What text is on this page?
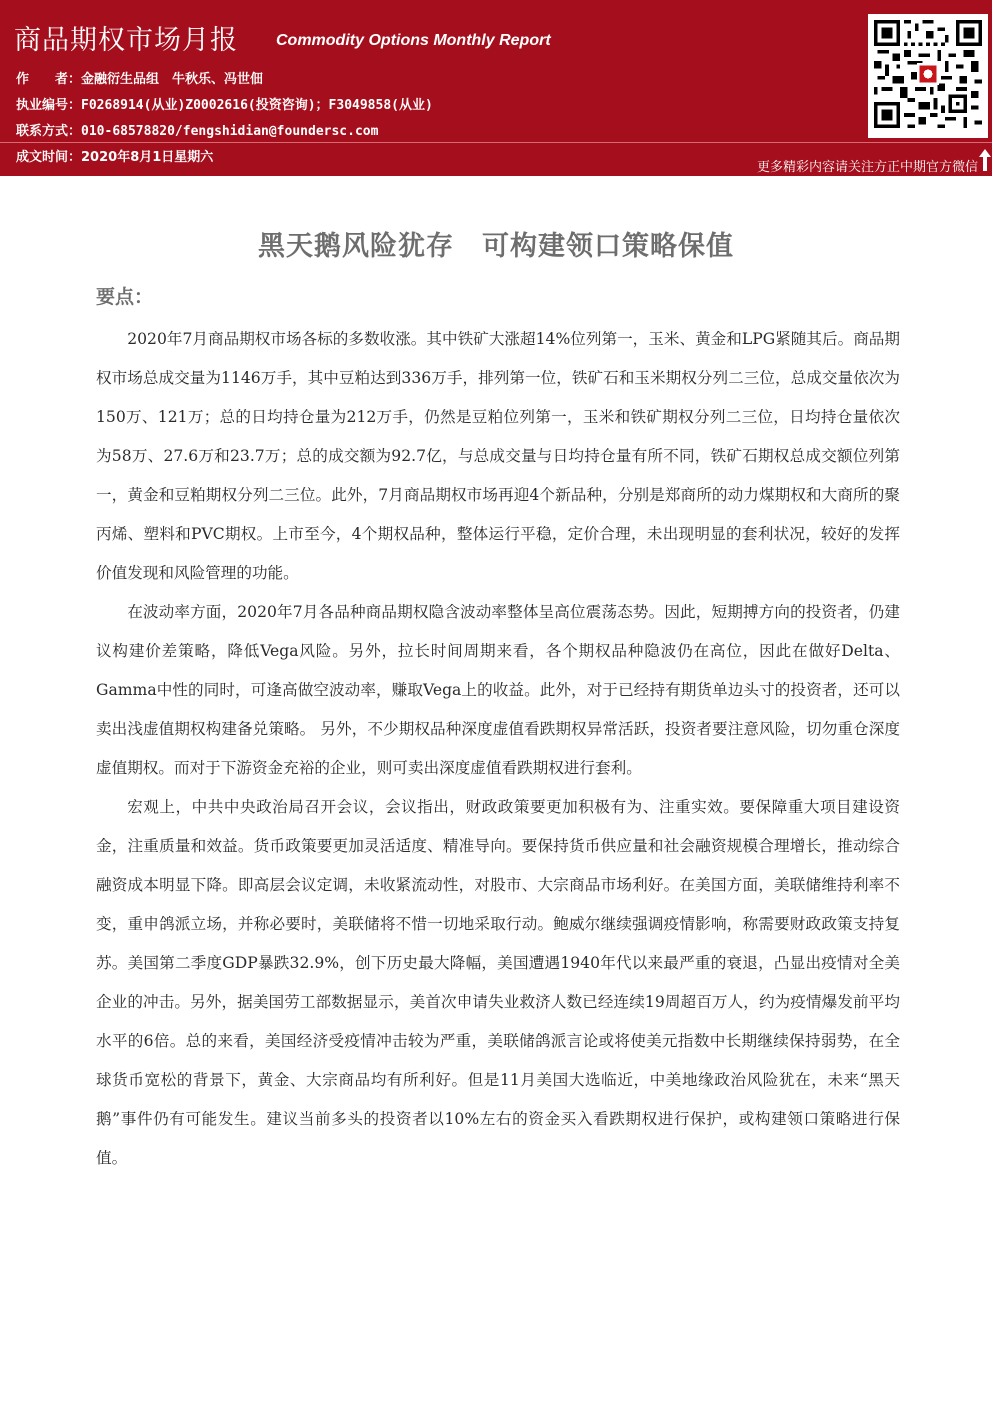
商品期权市场月报 Commodity Options Monthly Report
作　　者：金融衍生品组　牛秋乐、冯世佃
执业编号：F0268914(从业)Z0002616(投资咨询)；F3049858(从业)
联系方式：010-68578820/fengshidian@foundersc.com
成文时间：2020年8月1日星期六
更多精彩内容请关注方正中期官方微信
黑天鹅风险犹存　可构建领口策略保值
要点：

2020年7月商品期权市场各标的多数收涨。其中铁矿大涨超14%位列第一，玉米、黄金和LPG紧随其后。商品期权市场总成交量为1146万手，其中豆粕达到336万手，排列第一位，铁矿石和玉米期权分列二三位，总成交量依次为150万、121万；总的日均持仓量为212万手，仍然是豆粕位列第一，玉米和铁矿期权分列二三位，日均持仓量依次为58万、27.6万和23.7万；总的成交额为92.7亿，与总成交量与日均持仓量有所不同，铁矿石期权总成交额位列第一，黄金和豆粕期权分列二三位。此外，7月商品期权市场再迎4个新品种，分别是郑商所的动力煤期权和大商所的聚丙烯、塑料和PVC期权。上市至今，4个期权品种，整体运行平稳，定价合理，未出现明显的套利状况，较好的发挥价值发现和风险管理的功能。

在波动率方面，2020年7月各品种商品期权隐含波动率整体呈高位震荡态势。因此，短期搏方向的投资者，仍建议构建价差策略，降低Vega风险。另外，拉长时间周期来看，各个期权品种隐波仍在高位，因此在做好Delta、Gamma中性的同时，可逢高做空波动率，赚取Vega上的收益。此外，对于已经持有期货单边头寸的投资者，还可以卖出浅虚值期权构建备兑策略。 另外，不少期权品种深度虚值看跌期权异常活跃，投资者要注意风险，切勿重仓深度虚值期权。而对于下游资金充裕的企业，则可卖出深度虚值看跌期权进行套利。

宏观上，中共中央政治局召开会议，会议指出，财政政策要更加积极有为、注重实效。要保障重大项目建设资金，注重质量和效益。货币政策要更加灵活适度、精准导向。要保持货币供应量和社会融资规模合理增长，推动综合融资成本明显下降。即高层会议定调，未收紧流动性，对股市、大宗商品市场利好。在美国方面，美联储维持利率不变，重申鸽派立场，并称必要时，美联储将不惜一切地采取行动。鲍威尔继续强调疫情影响，称需要财政政策支持复苏。美国第二季度GDP暴跌32.9%，创下历史最大降幅，美国遭遇1940年代以来最严重的衰退，凸显出疫情对全美企业的冲击。另外，据美国劳工部数据显示，美首次申请失业救济人数已经连续19周超百万人，约为疫情爆发前平均水平的6倍。总的来看，美国经济受疫情冲击较为严重，美联储鸽派言论或将使美元指数中长期继续保持弱势，在全球货币宽松的背景下，黄金、大宗商品均有所利好。但是11月美国大选临近，中美地缘政治风险犹在，未来“黑天鹅”事件仍有可能发生。建议当前多头的投资者以10%左右的资金买入看跌期权进行保护，或构建领口策略进行保值。
